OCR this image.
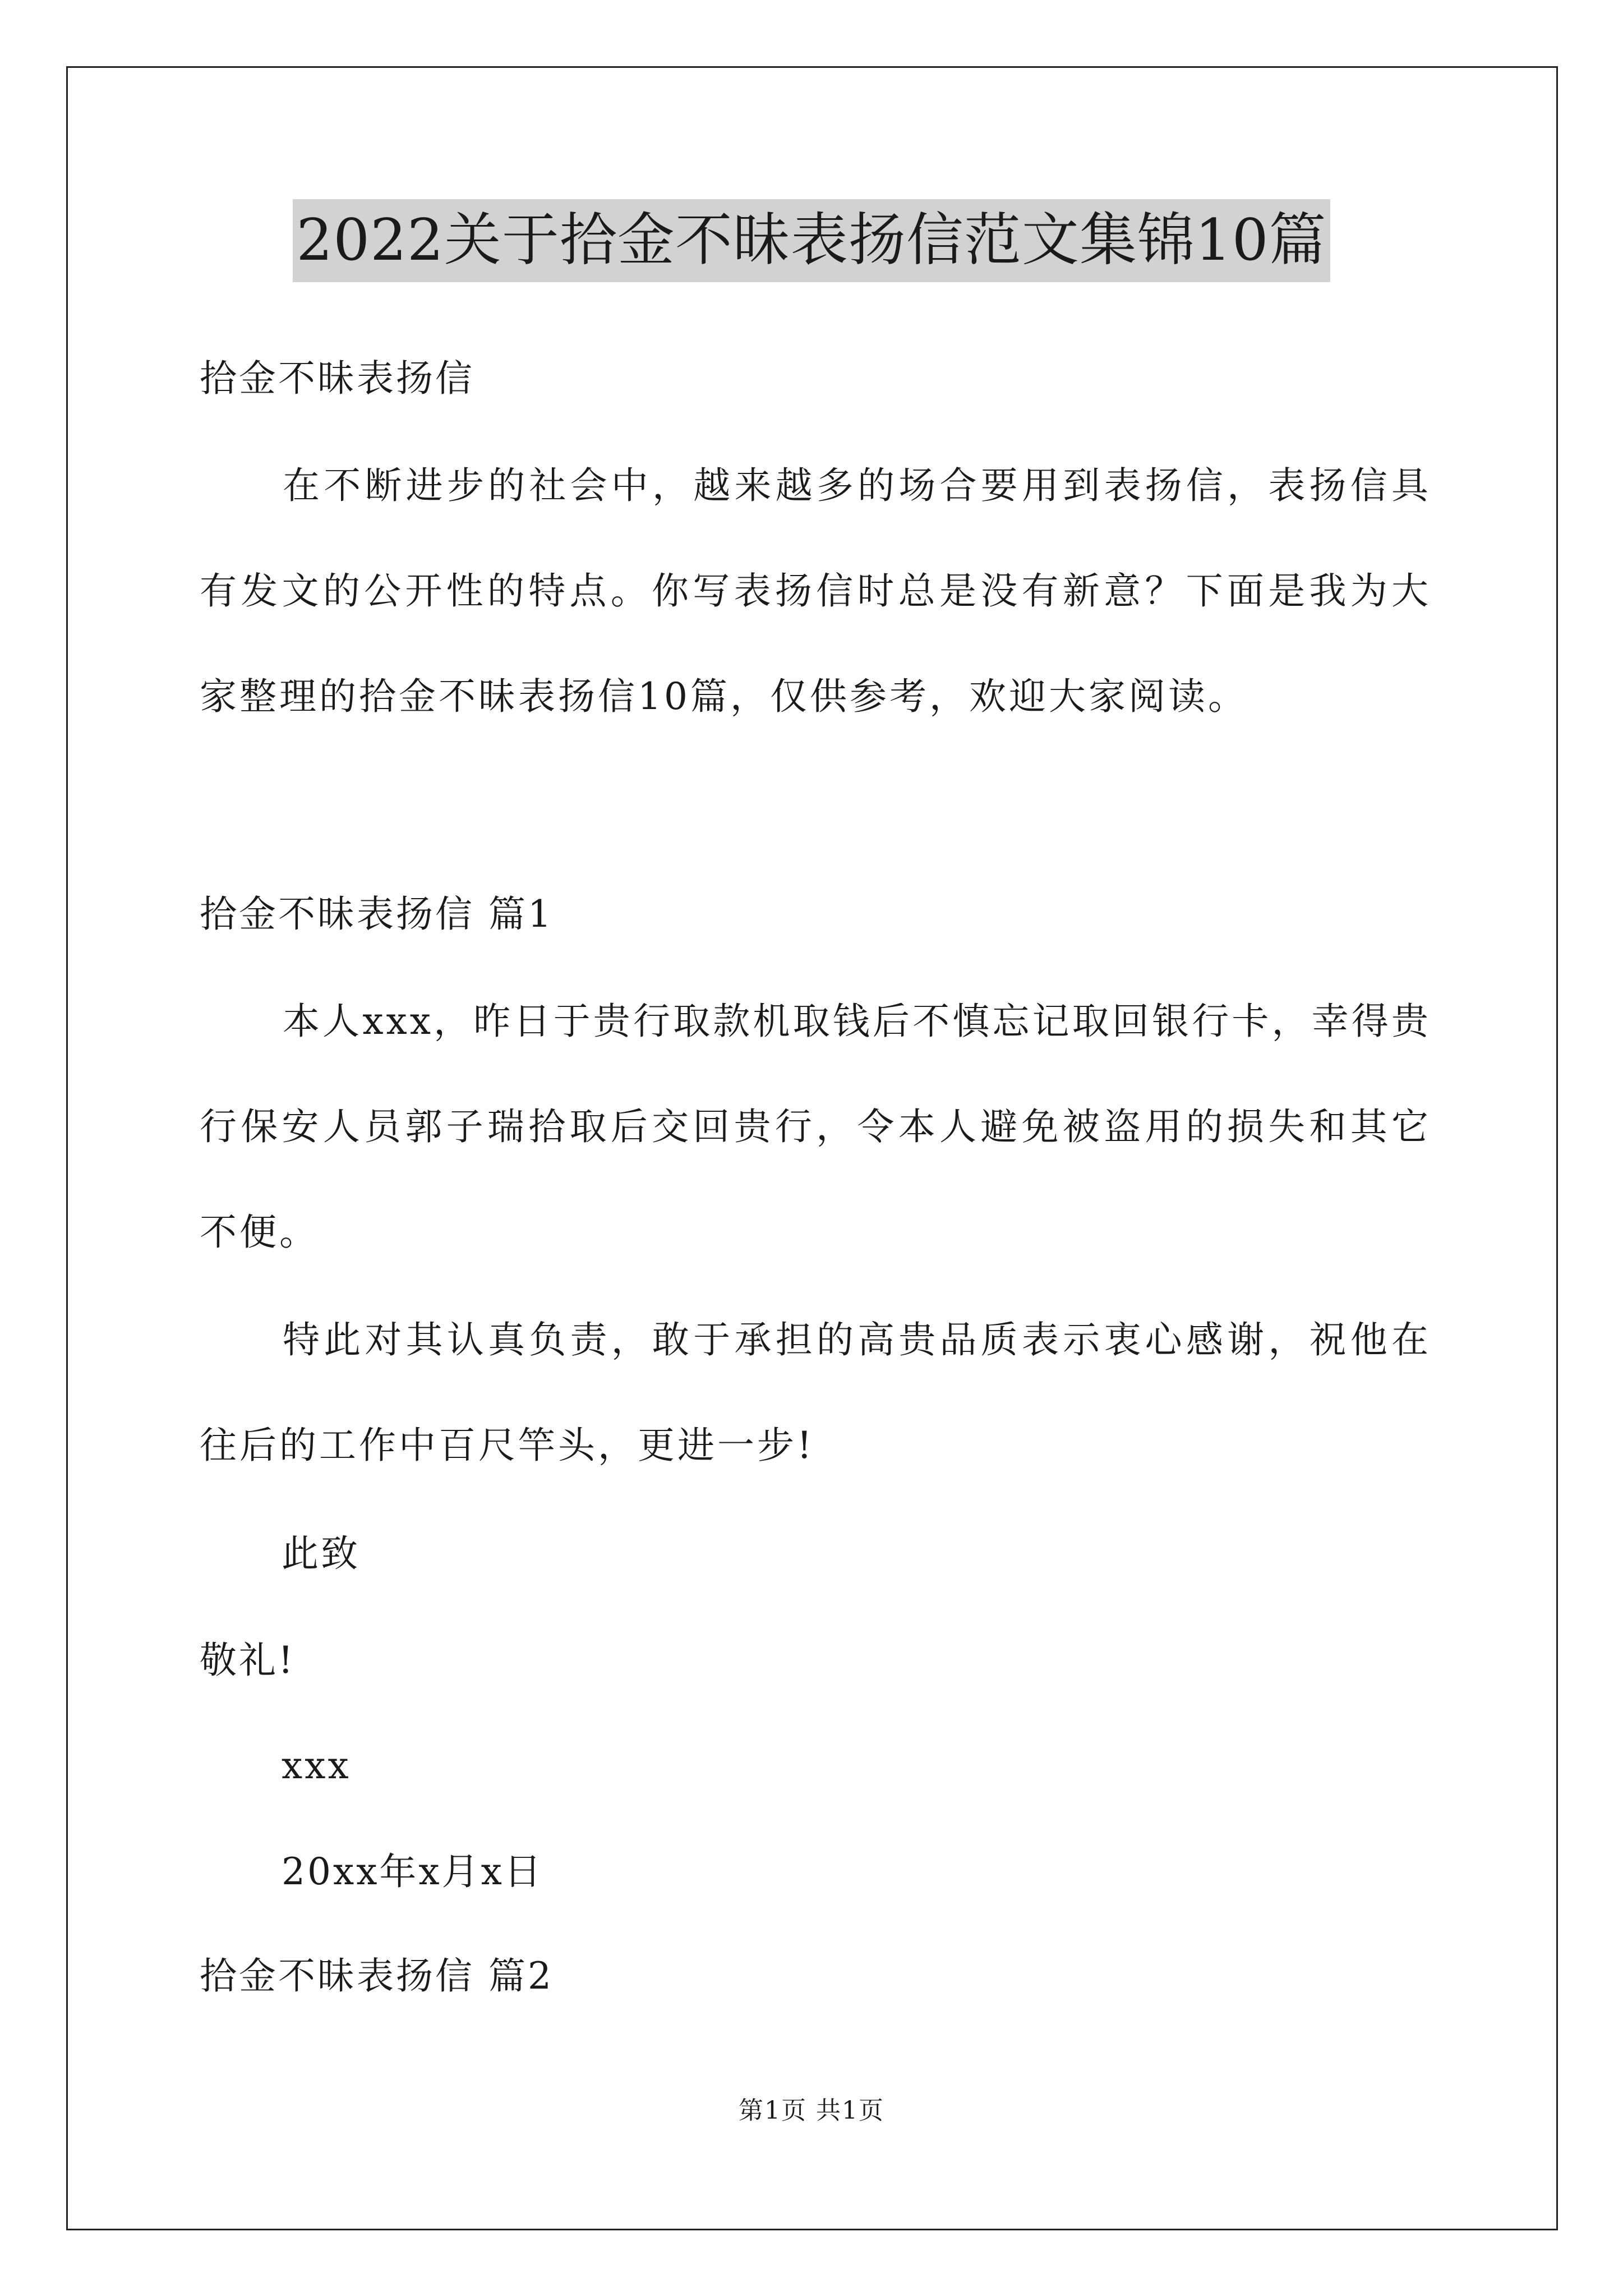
2022关于拾金不昧表扬信范文集锦10篇
拾金不昧表扬信

在不断进步的社会中，越来越多的场合要用到表扬信，表扬信具有发文的公开性的特点。你写表扬信时总是没有新意？下面是我为大家整理的拾金不昧表扬信10篇，仅供参考，欢迎大家阅读。

拾金不昧表扬信 篇1

本人xxx，昨日于贵行取款机取钱后不慎忘记取回银行卡，幸得贵行保安人员郭子瑞拾取后交回贵行，令本人避免被盗用的损失和其它不便。

特此对其认真负责，敢于承担的高贵品质表示衷心感谢，祝他在往后的工作中百尺竿头，更进一步!

此致
敬礼!
xxx
20xx年x月x日
拾金不昧表扬信 篇2
第1页 共1页
